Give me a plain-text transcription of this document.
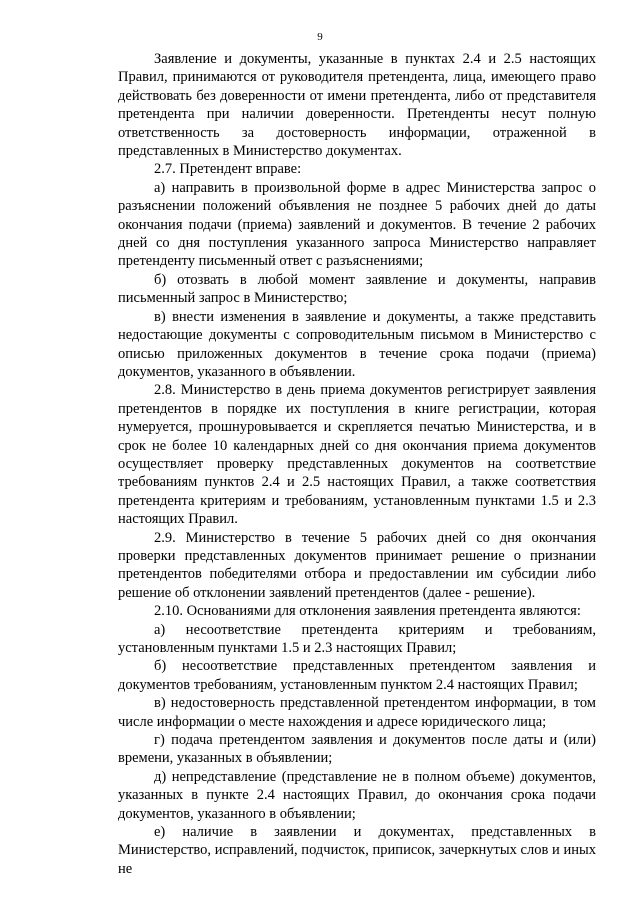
9

Заявление и документы, указанные в пунктах 2.4 и 2.5 настоящих Правил, принимаются от руководителя претендента, лица, имеющего право действовать без доверенности от имени претендента, либо от представителя претендента при наличии доверенности. Претенденты несут полную ответственность за достоверность информации, отраженной в представленных в Министерство документах.

2.7. Претендент вправе:

а) направить в произвольной форме в адрес Министерства запрос о разъяснении положений объявления не позднее 5 рабочих дней до даты окончания подачи (приема) заявлений и документов. В течение 2 рабочих дней со дня поступления указанного запроса Министерство направляет претенденту письменный ответ с разъяснениями;

б) отозвать в любой момент заявление и документы, направив письменный запрос в Министерство;

в) внести изменения в заявление и документы, а также представить недостающие документы с сопроводительным письмом в Министерство с описью приложенных документов в течение срока подачи (приема) документов, указанного в объявлении.

2.8. Министерство в день приема документов регистрирует заявления претендентов в порядке их поступления в книге регистрации, которая нумеруется, прошнуровывается и скрепляется печатью Министерства, и в срок не более 10 календарных дней со дня окончания приема документов осуществляет проверку представленных документов на соответствие требованиям пунктов 2.4 и 2.5 настоящих Правил, а также соответствия претендента критериям и требованиям, установленным пунктами 1.5 и 2.3 настоящих Правил.

2.9. Министерство в течение 5 рабочих дней со дня окончания проверки представленных документов принимает решение о признании претендентов победителями отбора и предоставлении им субсидии либо решение об отклонении заявлений претендентов (далее - решение).

2.10. Основаниями для отклонения заявления претендента являются:

а) несоответствие претендента критериям и требованиям, установленным пунктами 1.5 и 2.3 настоящих Правил;

б) несоответствие представленных претендентом заявления и документов требованиям, установленным пунктом 2.4 настоящих Правил;

в) недостоверность представленной претендентом информации, в том числе информации о месте нахождения и адресе юридического лица;

г) подача претендентом заявления и документов после даты и (или) времени, указанных в объявлении;

д) непредставление (представление не в полном объеме) документов, указанных в пункте 2.4 настоящих Правил, до окончания срока подачи документов, указанного в объявлении;

е) наличие в заявлении и документах, представленных в Министерство, исправлений, подчисток, приписок, зачеркнутых слов и иных не
